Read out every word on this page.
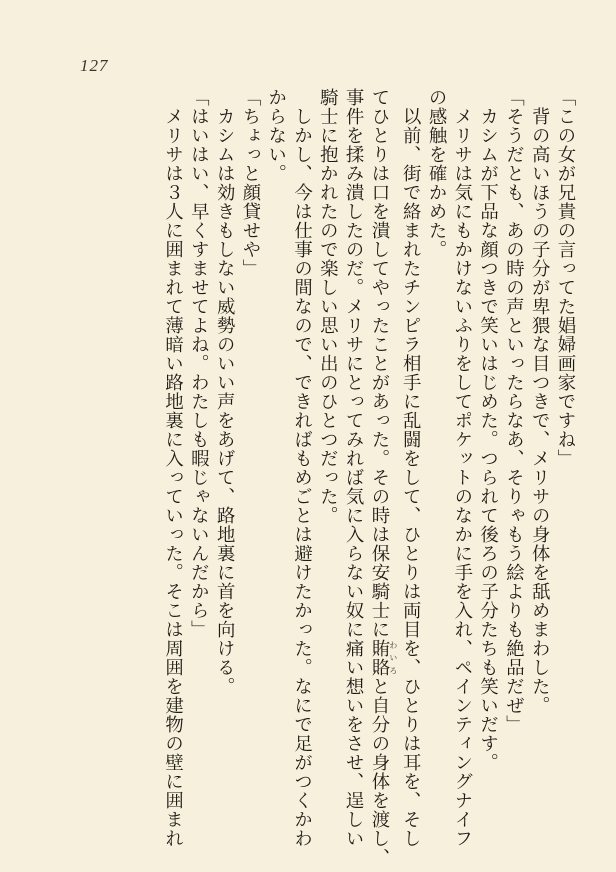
127
「この女が兄貴の言ってた娼婦画家ですね」
　背の高いほうの子分が卑猥な目つきで、メリサの身体を舐めまわした。
「そうだとも、あの時の声といったらなあ、そりゃもう絵よりも絶品だぜ」
　カシムが下品な顔つきで笑いはじめた。つられて後ろの子分たちも笑いだす。
　メリサは気にもかけないふりをしてポケットのなかに手を入れ、ペインティングナイフ
の感触を確かめた。
　以前、街で絡まれたチンピラ相手に乱闘をして、ひとりは両目を、ひとりは耳を、そし
てひとりは口を潰してやったことがあった。その時は保安騎士に賄賂 わいろと自分の身体を渡し、
事件を揉み潰したのだ。メリサにとってみれば気に入らない奴に痛い想いをさせ、逞しい
騎士に抱かれたので楽しい思い出のひとつだった。
　しかし、今は仕事の間なので、できればもめごとは避けたかった。なにで足がつくかわ
からない。
「ちょっと顔貸せや」
　カシムは効きもしない威勢のいい声をあげて、路地裏に首を向ける。
「はいはい、早くすませてよね。わたしも暇じゃないんだから」
　メリサは３人に囲まれて薄暗い路地裏に入っていった。そこは周囲を建物の壁に囲まれ
